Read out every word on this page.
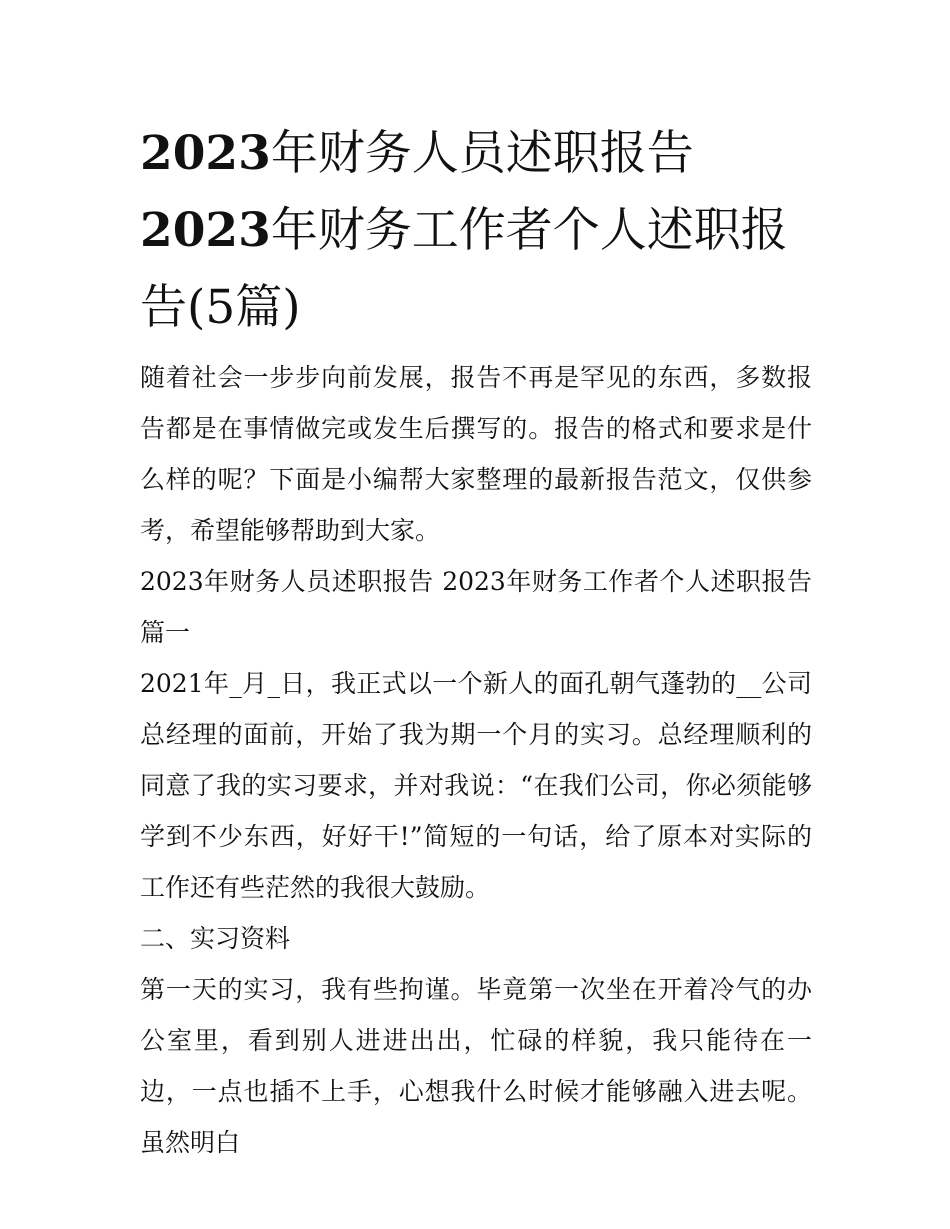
2023年财务人员述职报告
2023年财务工作者个人述职报告(5篇)

随着社会一步步向前发展，报告不再是罕见的东西，多数报告都是在事情做完或发生后撰写的。报告的格式和要求是什么样的呢？下面是小编帮大家整理的最新报告范文，仅供参考，希望能够帮助到大家。

2023年财务人员述职报告 2023年财务工作者个人述职报告篇一

2021年_月_日，我正式以一个新人的面孔朝气蓬勃的__公司总经理的面前，开始了我为期一个月的实习。总经理顺利的同意了我的实习要求，并对我说：“在我们公司，你必须能够学到不少东西，好好干!”简短的一句话，给了原本对实际的工作还有些茫然的我很大鼓励。

二、实习资料

第一天的实习，我有些拘谨。毕竟第一次坐在开着冷气的办公室里，看到别人进进出出，忙碌的样貌，我只能待在一边，一点也插不上手，心想我什么时候才能够融入进去呢。虽然明白
